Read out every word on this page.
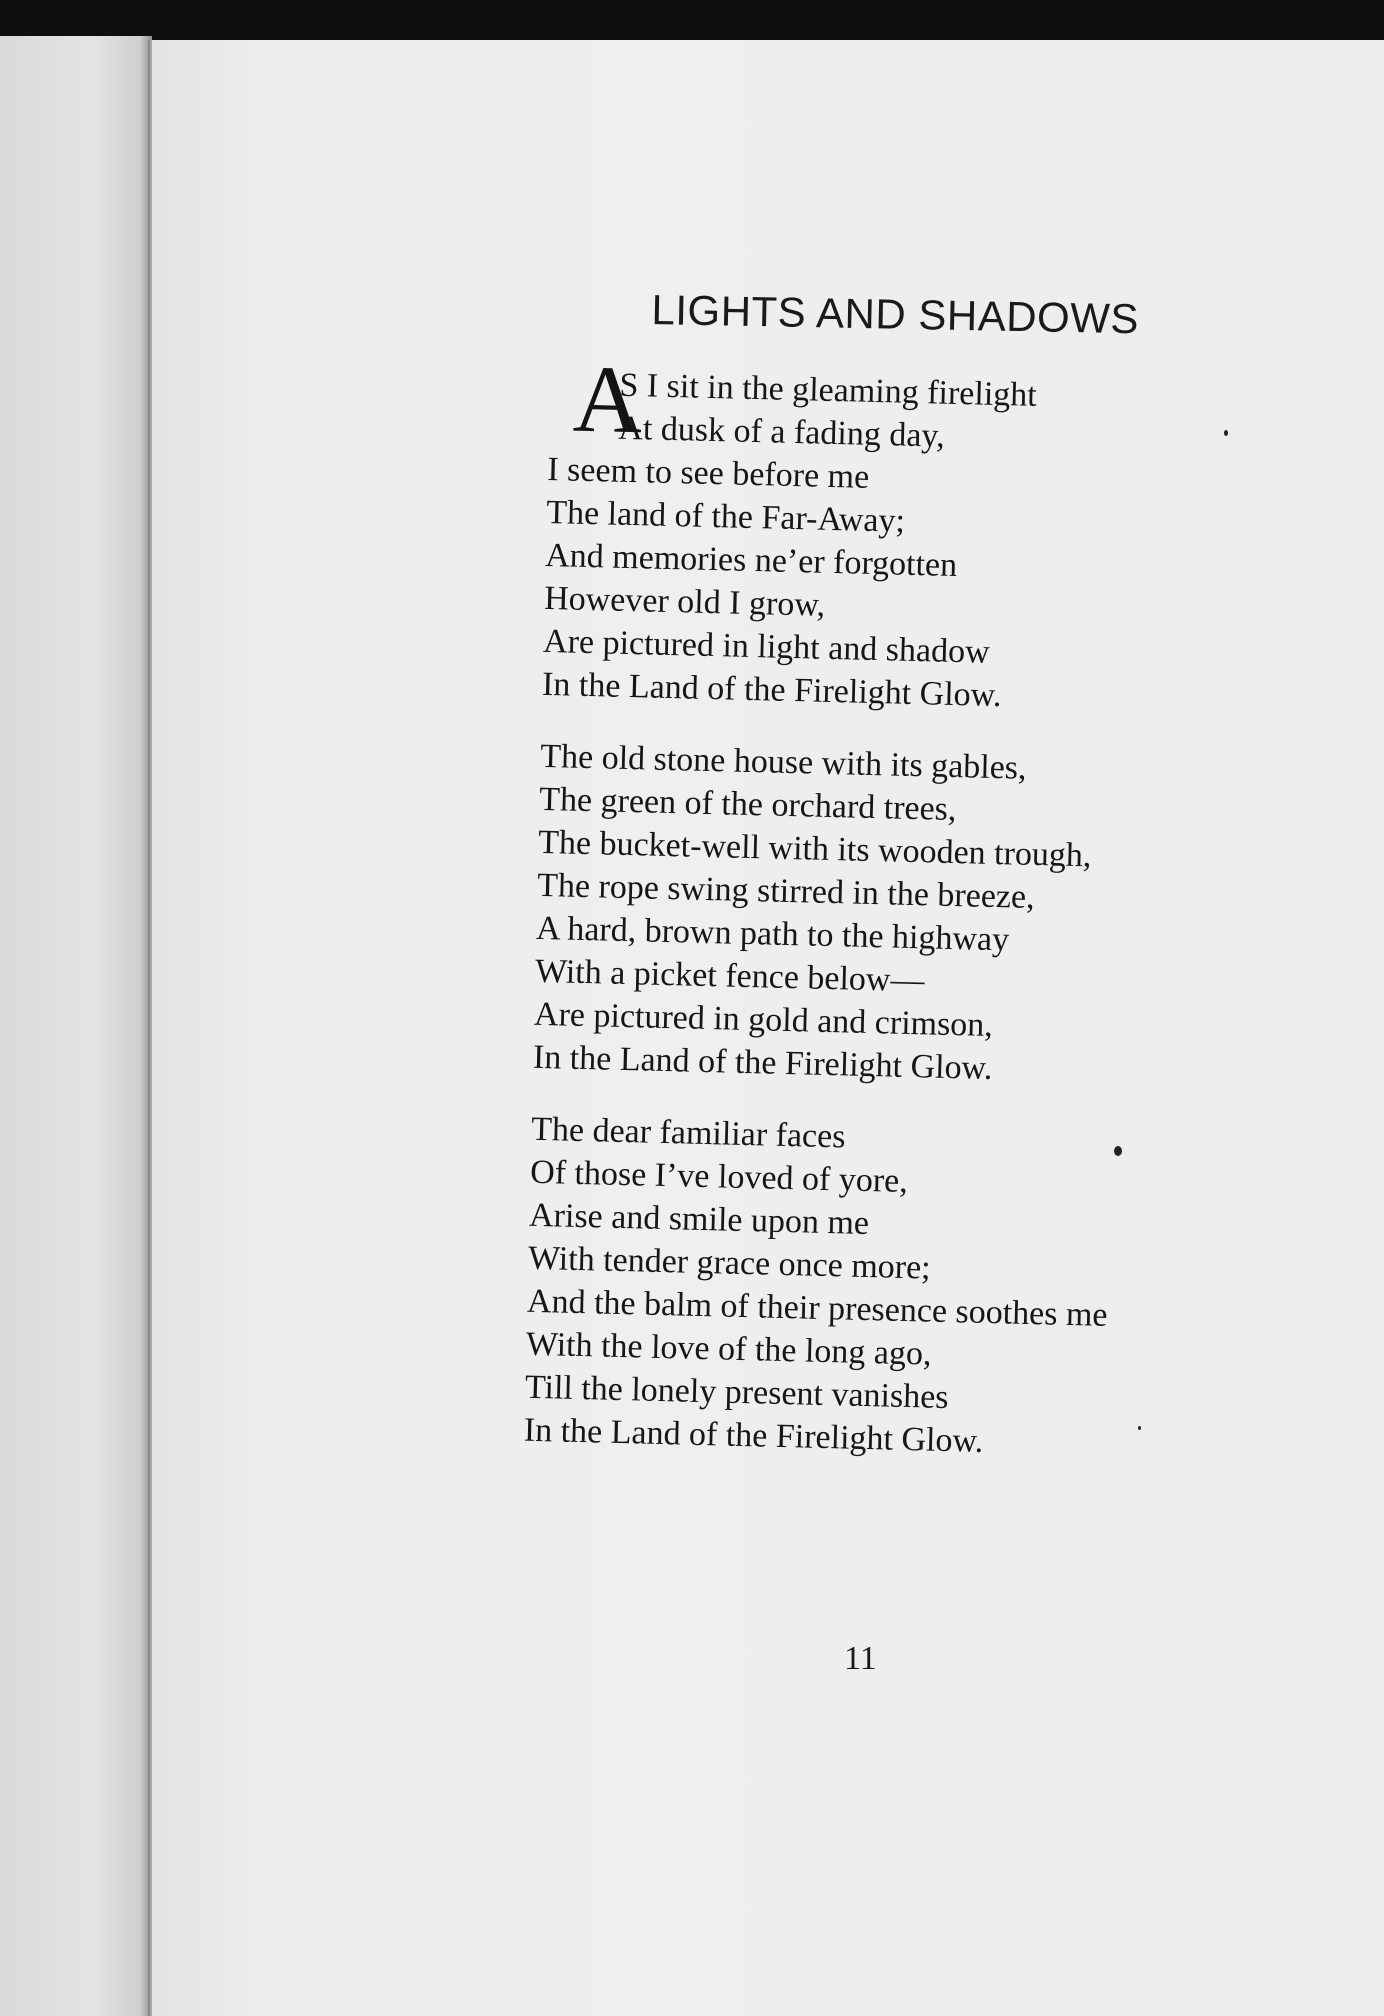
LIGHTS AND SHADOWS
A
S I sit in the gleaming firelight
At dusk of a fading day,
I seem to see before me
The land of the Far-Away;
And memories ne’er forgotten
However old I grow,
Are pictured in light and shadow
In the Land of the Firelight Glow.
The old stone house with its gables,
The green of the orchard trees,
The bucket-well with its wooden trough,
The rope swing stirred in the breeze,
A hard, brown path to the highway
With a picket fence below—
Are pictured in gold and crimson,
In the Land of the Firelight Glow.
The dear familiar faces
Of those I’ve loved of yore,
Arise and smile upon me
With tender grace once more;
And the balm of their presence soothes me
With the love of the long ago,
Till the lonely present vanishes
In the Land of the Firelight Glow.
11
